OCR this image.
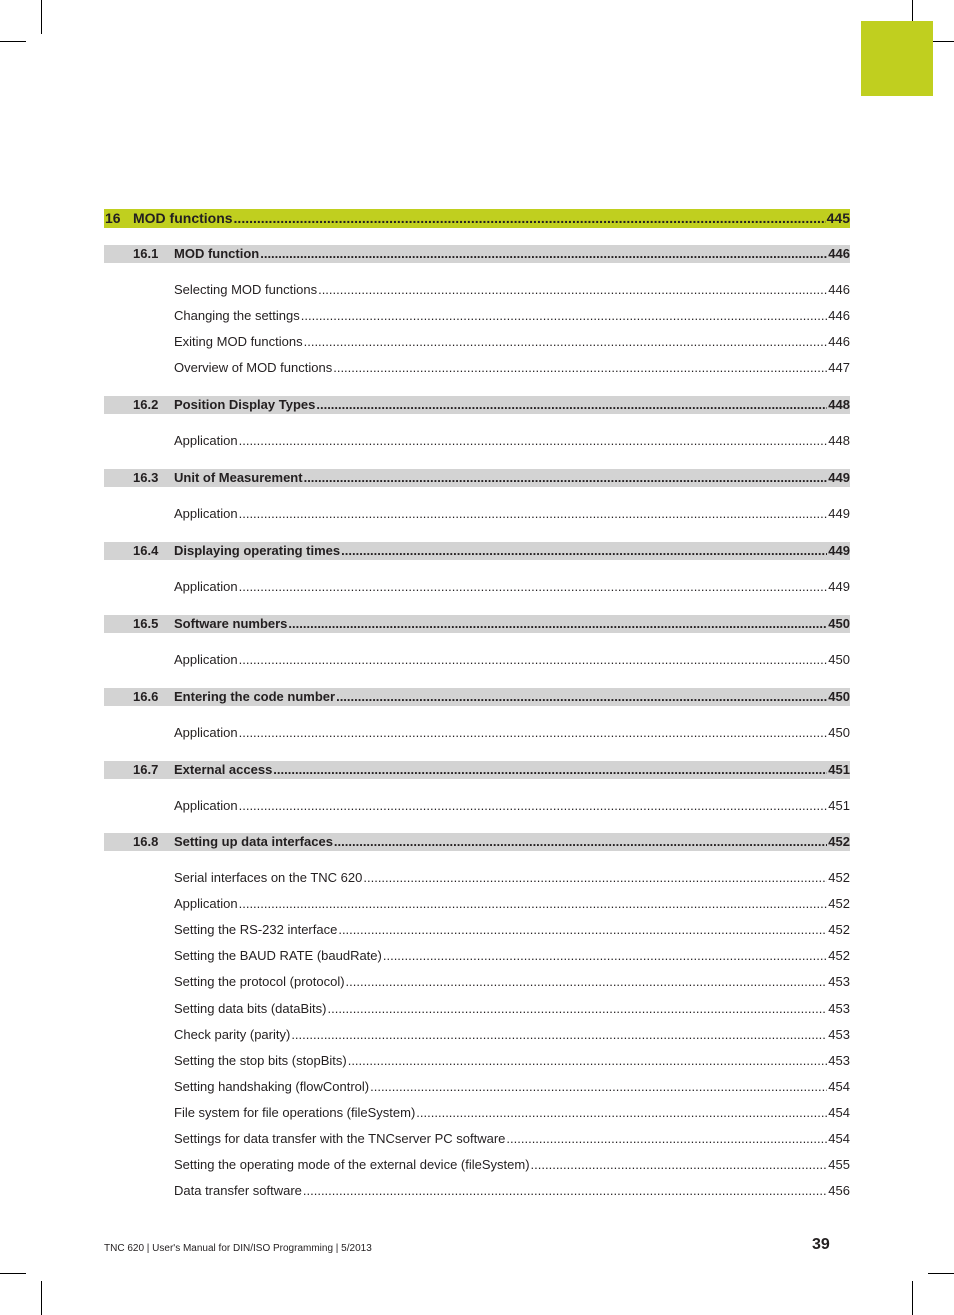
16 MOD functions .....	445
16.1 MOD function .....	446
Selecting MOD functions .....	446
Changing the settings .....	446
Exiting MOD functions .....	446
Overview of MOD functions .....	447
16.2 Position Display Types .....	448
Application .....	448
16.3 Unit of Measurement .....	449
Application .....	449
16.4 Displaying operating times .....	449
Application .....	449
16.5 Software numbers .....	450
Application .....	450
16.6 Entering the code number .....	450
Application .....	450
16.7 External access .....	451
Application .....	451
16.8 Setting up data interfaces .....	452
Serial interfaces on the TNC 620 .....	452
Application .....	452
Setting the RS-232 interface .....	452
Setting the BAUD RATE (baudRate) .....	452
Setting the protocol (protocol) .....	453
Setting data bits (dataBits) .....	453
Check parity (parity) .....	453
Setting the stop bits (stopBits) .....	453
Setting handshaking (flowControl) .....	454
File system for file operations (fileSystem) .....	454
Settings for data transfer with the TNCserver PC software .....	454
Setting the operating mode of the external device (fileSystem) .....	455
Data transfer software .....	456
TNC 620 | User's Manual for DIN/ISO Programming | 5/2013	39
